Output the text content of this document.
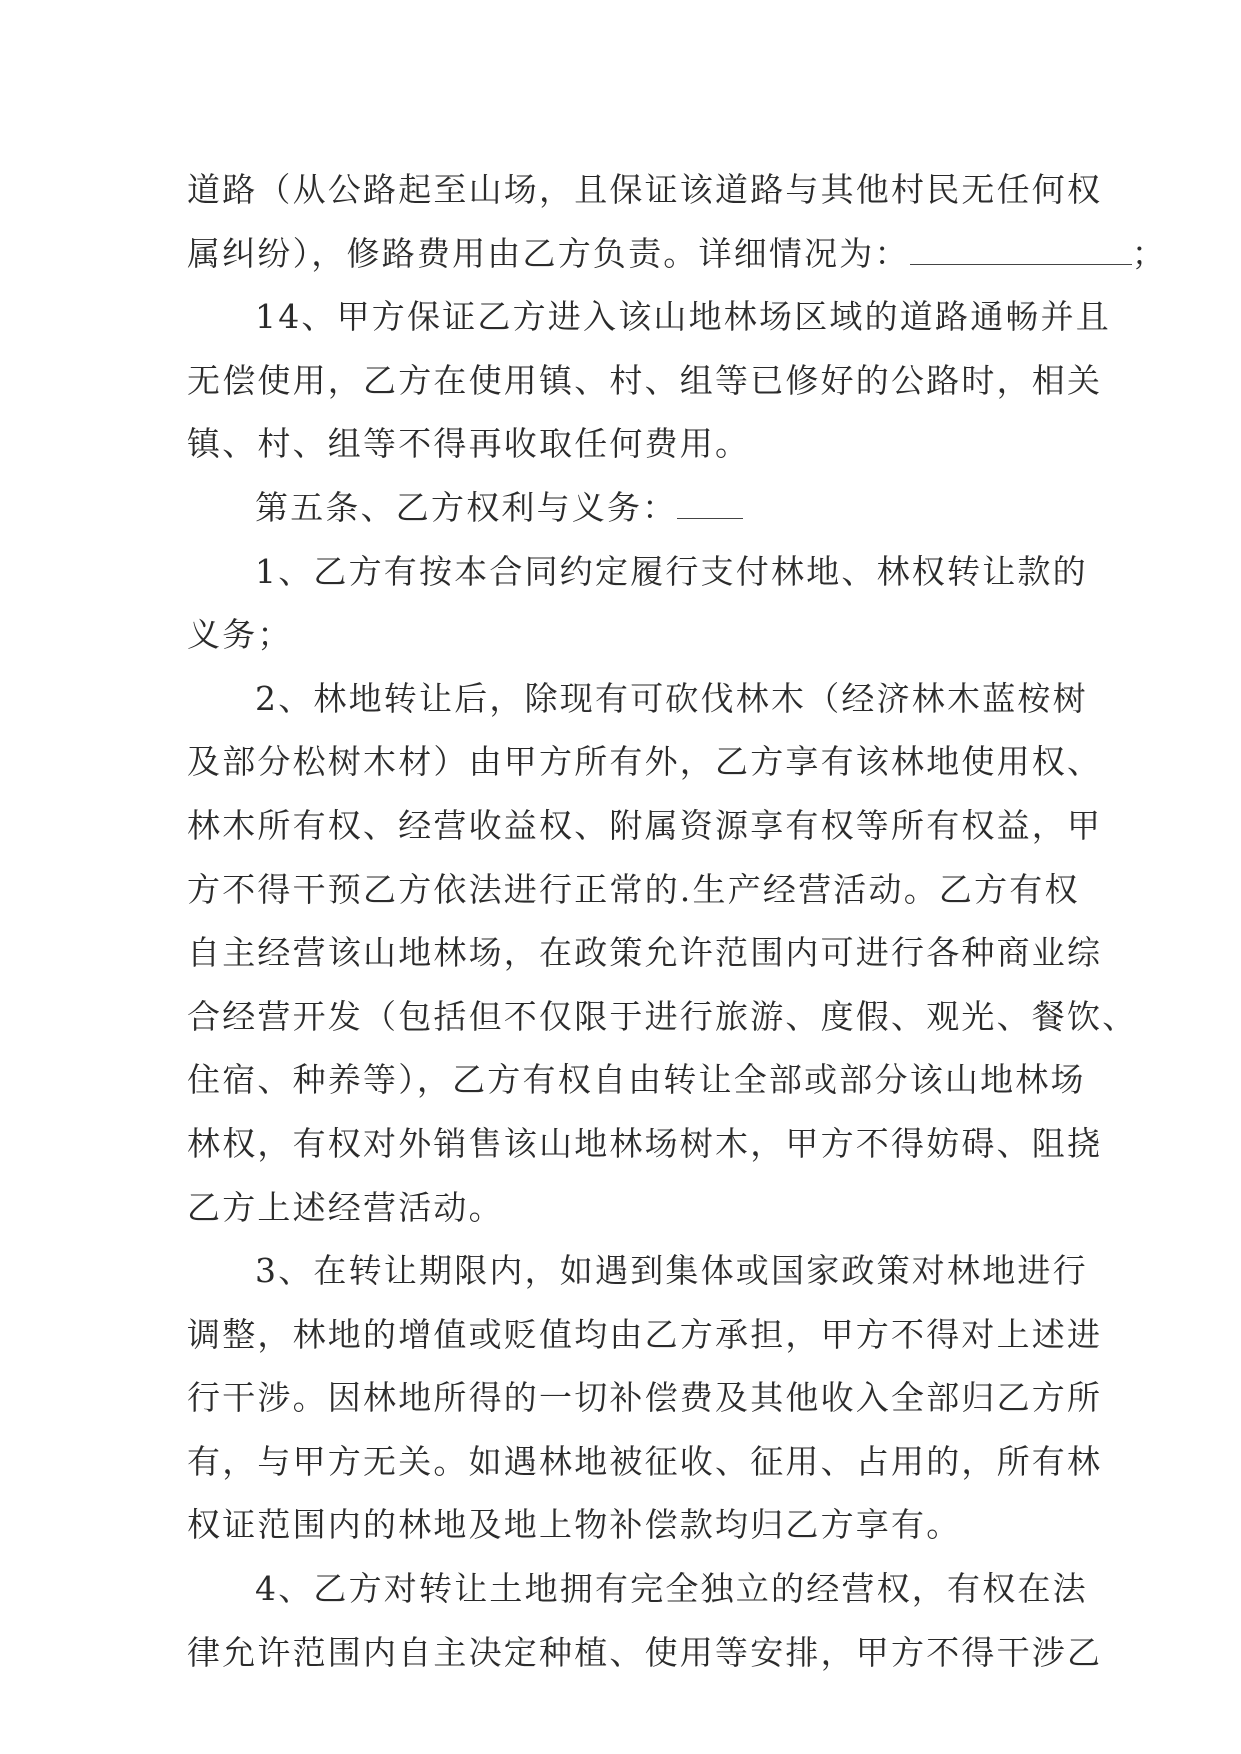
道路（从公路起至山场，且保证该道路与其他村民无任何权
属纠纷），修路费用由乙方负责。详细情况为：	；
14、甲方保证乙方进入该山地林场区域的道路通畅并且
无偿使用，乙方在使用镇、村、组等已修好的公路时，相关
镇、村、组等不得再收取任何费用。
第五条、乙方权利与义务：
1、乙方有按本合同约定履行支付林地、林权转让款的
义务；
2、林地转让后，除现有可砍伐林木（经济林木蓝桉树
及部分松树木材）由甲方所有外，乙方享有该林地使用权、
林木所有权、经营收益权、附属资源享有权等所有权益，甲
方不得干预乙方依法进行正常的.生产经营活动。乙方有权
自主经营该山地林场，在政策允许范围内可进行各种商业综
合经营开发（包括但不仅限于进行旅游、度假、观光、餐饮、
住宿、种养等），乙方有权自由转让全部或部分该山地林场
林权，有权对外销售该山地林场树木，甲方不得妨碍、阻挠
乙方上述经营活动。
3、在转让期限内，如遇到集体或国家政策对林地进行
调整，林地的增值或贬值均由乙方承担，甲方不得对上述进
行干涉。因林地所得的一切补偿费及其他收入全部归乙方所
有，与甲方无关。如遇林地被征收、征用、占用的，所有林
权证范围内的林地及地上物补偿款均归乙方享有。
4、乙方对转让土地拥有完全独立的经营权，有权在法
律允许范围内自主决定种植、使用等安排，甲方不得干涉乙
